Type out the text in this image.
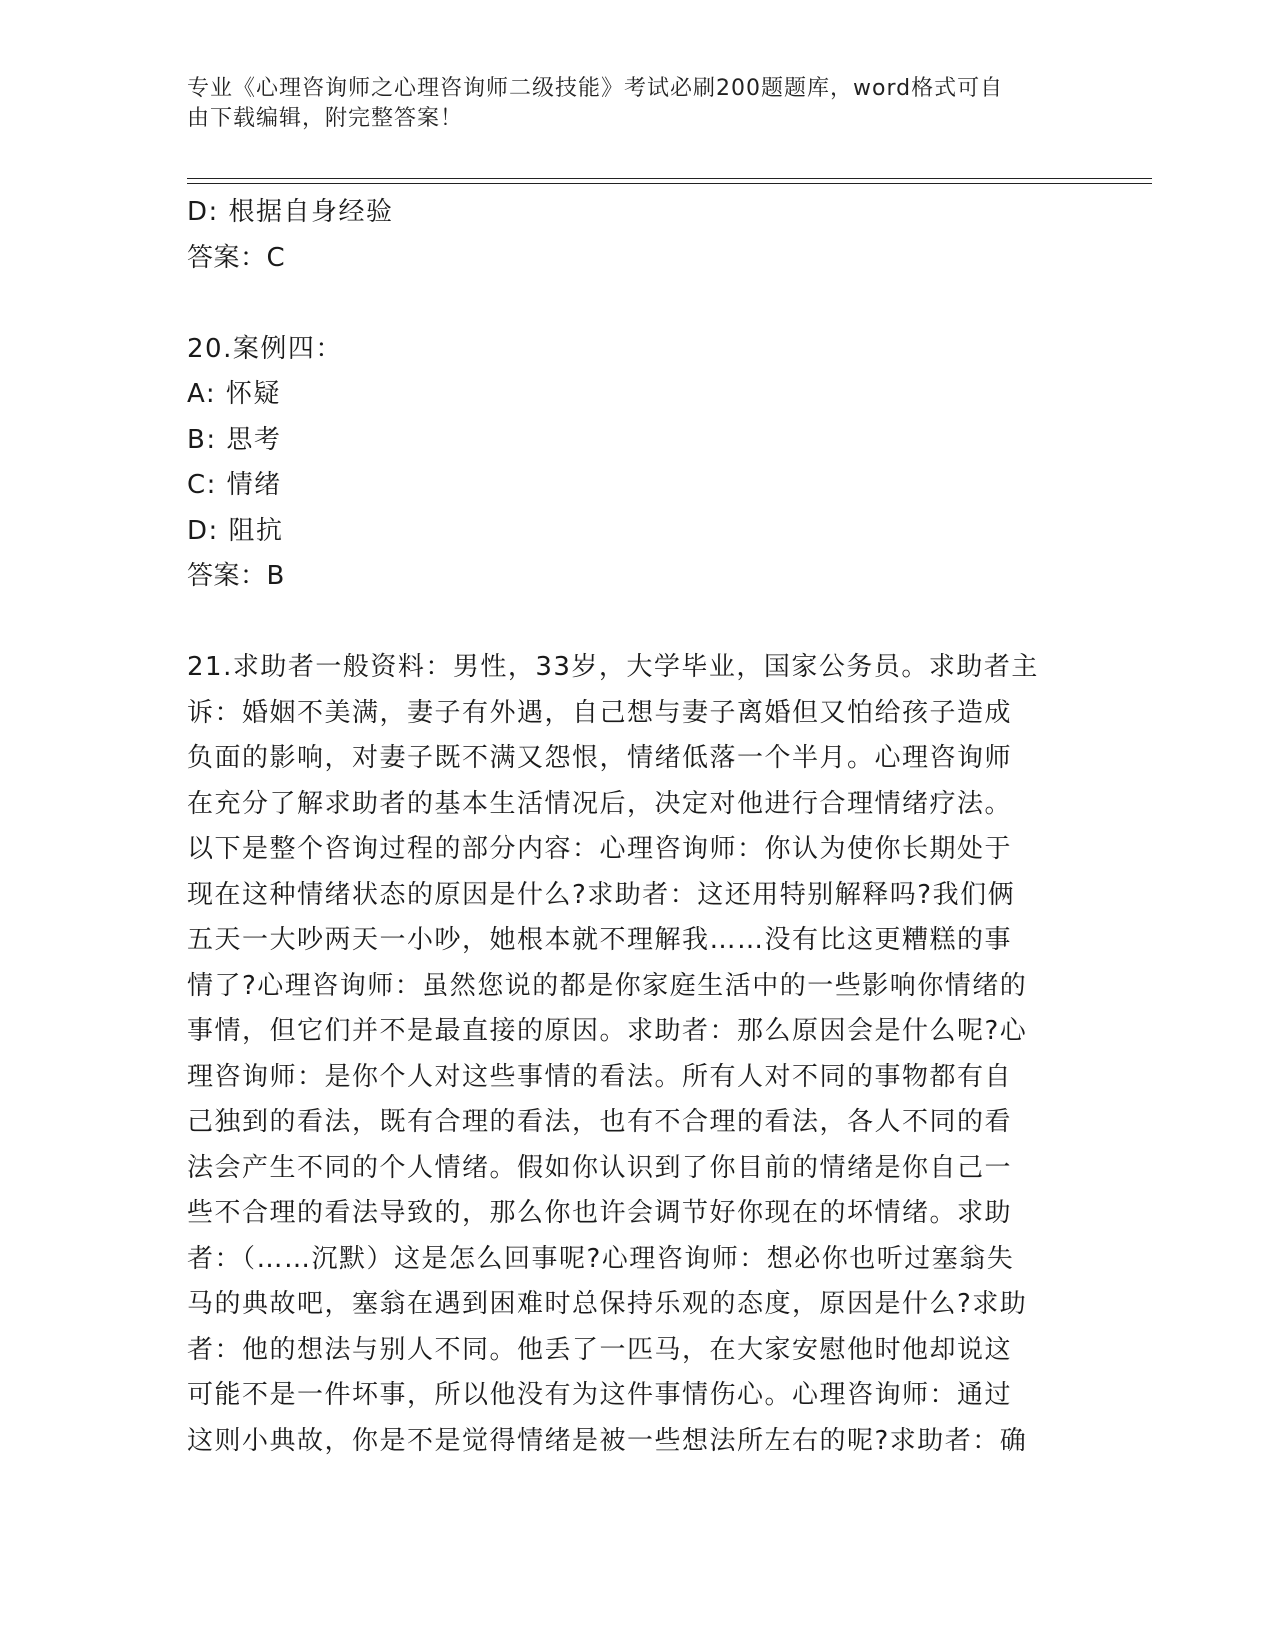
专业《心理咨询师之心理咨询师二级技能》考试必刷200题题库，word格式可自
由下载编辑，附完整答案！
D: 根据自身经验
答案：C
20.案例四：
A: 怀疑
B: 思考
C: 情绪
D: 阻抗
答案：B
21.求助者一般资料：男性，33岁，大学毕业，国家公务员。求助者主
诉：婚姻不美满，妻子有外遇，自己想与妻子离婚但又怕给孩子造成
负面的影响，对妻子既不满又怨恨，情绪低落一个半月。心理咨询师
在充分了解求助者的基本生活情况后，决定对他进行合理情绪疗法。
以下是整个咨询过程的部分内容：心理咨询师：你认为使你长期处于
现在这种情绪状态的原因是什么?求助者：这还用特别解释吗?我们俩
五天一大吵两天一小吵，她根本就不理解我……没有比这更糟糕的事
情了?心理咨询师：虽然您说的都是你家庭生活中的一些影响你情绪的
事情，但它们并不是最直接的原因。求助者：那么原因会是什么呢?心
理咨询师：是你个人对这些事情的看法。所有人对不同的事物都有自
己独到的看法，既有合理的看法，也有不合理的看法，各人不同的看
法会产生不同的个人情绪。假如你认识到了你目前的情绪是你自己一
些不合理的看法导致的，那么你也许会调节好你现在的坏情绪。求助
者：（……沉默）这是怎么回事呢?心理咨询师：想必你也听过塞翁失
马的典故吧，塞翁在遇到困难时总保持乐观的态度，原因是什么?求助
者：他的想法与别人不同。他丢了一匹马，在大家安慰他时他却说这
可能不是一件坏事，所以他没有为这件事情伤心。心理咨询师：通过
这则小典故，你是不是觉得情绪是被一些想法所左右的呢?求助者：确
